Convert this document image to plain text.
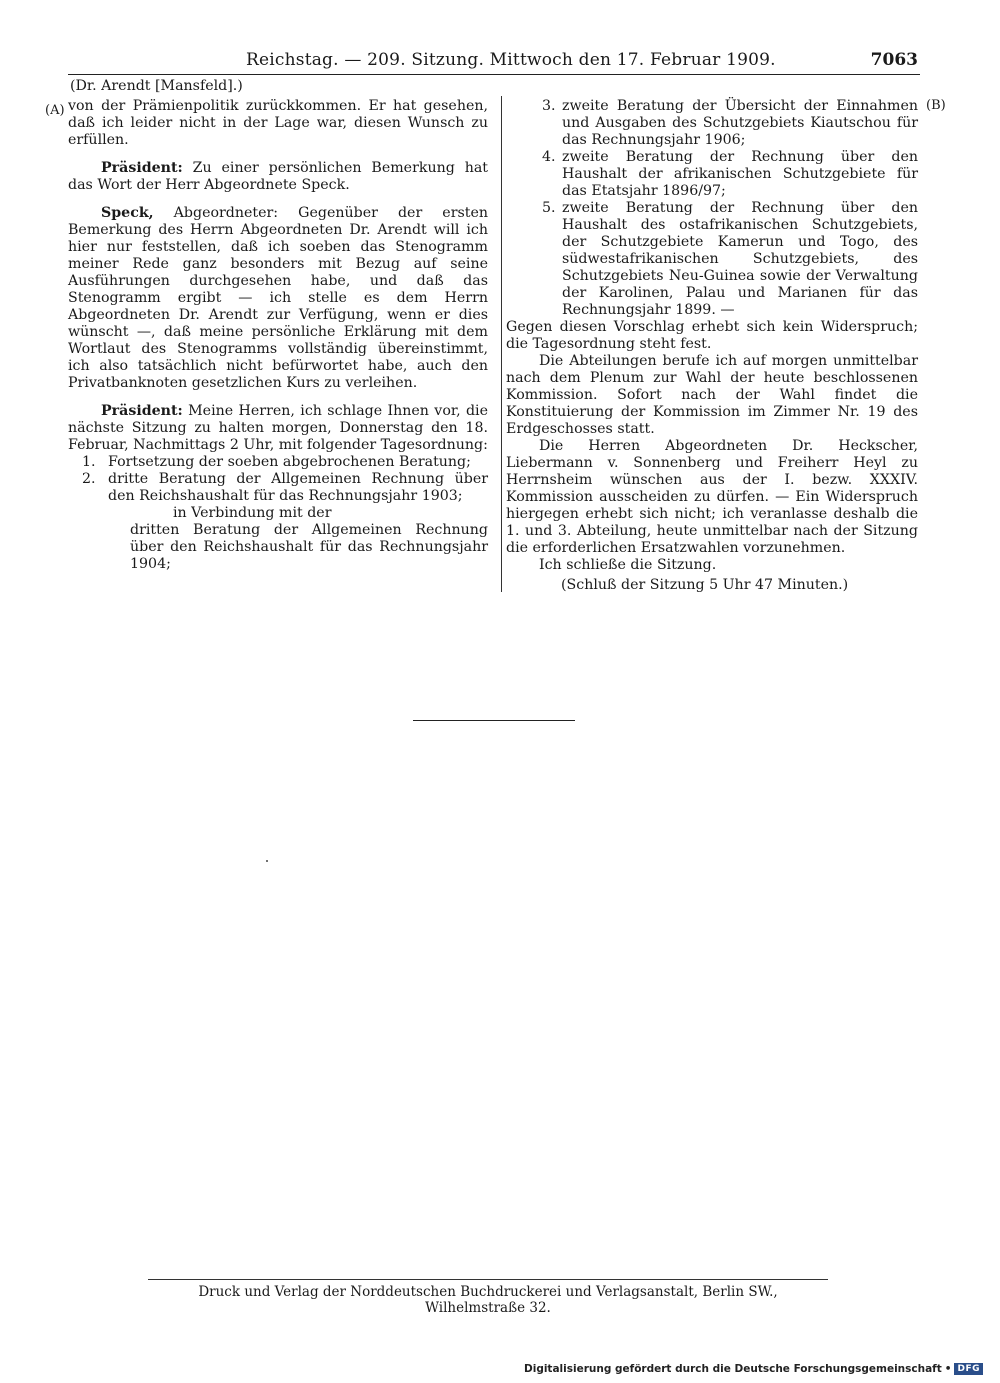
Reichstag. — 209. Sitzung. Mittwoch den 17. Februar 1909.	7063
(A)	(B)

(Dr. Arendt [Mansfeld].)

von der Prämienpolitik zurückkommen. Er hat gesehen, daß ich leider nicht in der Lage war, diesen Wunsch zu erfüllen.

Präsident: Zu einer persönlichen Bemerkung hat das Wort der Herr Abgeordnete Speck.

Speck, Abgeordneter: Gegenüber der ersten Bemerkung des Herrn Abgeordneten Dr. Arendt will ich hier nur feststellen, daß ich soeben das Stenogramm meiner Rede ganz besonders mit Bezug auf seine Ausführungen durchgesehen habe, und daß das Stenogramm ergibt — ich stelle es dem Herrn Abgeordneten Dr. Arendt zur Verfügung, wenn er dies wünscht —, daß meine persönliche Erklärung mit dem Wortlaut des Stenogramms vollständig übereinstimmt, ich also tatsächlich nicht befürwortet habe, auch den Privatbanknoten gesetzlichen Kurs zu verleihen.

Präsident: Meine Herren, ich schlage Ihnen vor, die nächste Sitzung zu halten morgen, Donnerstag den 18. Februar, Nachmittags 2 Uhr, mit folgender Tagesordnung:

1. Fortsetzung der soeben abgebrochenen Beratung;
2. dritte Beratung der Allgemeinen Rechnung über den Reichshaushalt für das Rechnungsjahr 1903;
in Verbindung mit der
dritten Beratung der Allgemeinen Rechnung über den Reichshaushalt für das Rechnungsjahr 1904;
3. zweite Beratung der Übersicht der Einnahmen und Ausgaben des Schutzgebiets Kiautschou für das Rechnungsjahr 1906;
4. zweite Beratung der Rechnung über den Haushalt der afrikanischen Schutzgebiete für das Etatsjahr 1896/97;
5. zweite Beratung der Rechnung über den Haushalt des ostafrikanischen Schutzgebiets, der Schutzgebiete Kamerun und Togo, des südwestafrikanischen Schutzgebiets, des Schutzgebiets Neu-Guinea sowie der Verwaltung der Karolinen, Palau und Marianen für das Rechnungsjahr 1899. —

Gegen diesen Vorschlag erhebt sich kein Widerspruch; die Tagesordnung steht fest.

Die Abteilungen berufe ich auf morgen unmittelbar nach dem Plenum zur Wahl der heute beschlossenen Kommission. Sofort nach der Wahl findet die Konstituierung der Kommission im Zimmer Nr. 19 des Erdgeschosses statt.

Die Herren Abgeordneten Dr. Heckscher, Liebermann v. Sonnenberg und Freiherr Heyl zu Herrnsheim wünschen aus der I. bezw. XXXIV. Kommission ausscheiden zu dürfen. — Ein Widerspruch hiergegen erhebt sich nicht; ich veranlasse deshalb die 1. und 3. Abteilung, heute unmittelbar nach der Sitzung die erforderlichen Ersatzwahlen vorzunehmen.

Ich schließe die Sitzung.

(Schluß der Sitzung 5 Uhr 47 Minuten.)

Druck und Verlag der Norddeutschen Buchdruckerei und Verlagsanstalt, Berlin SW., Wilhelmstraße 32.
Digitalisierung gefördert durch die Deutsche Forschungsgemeinschaft • DFG
